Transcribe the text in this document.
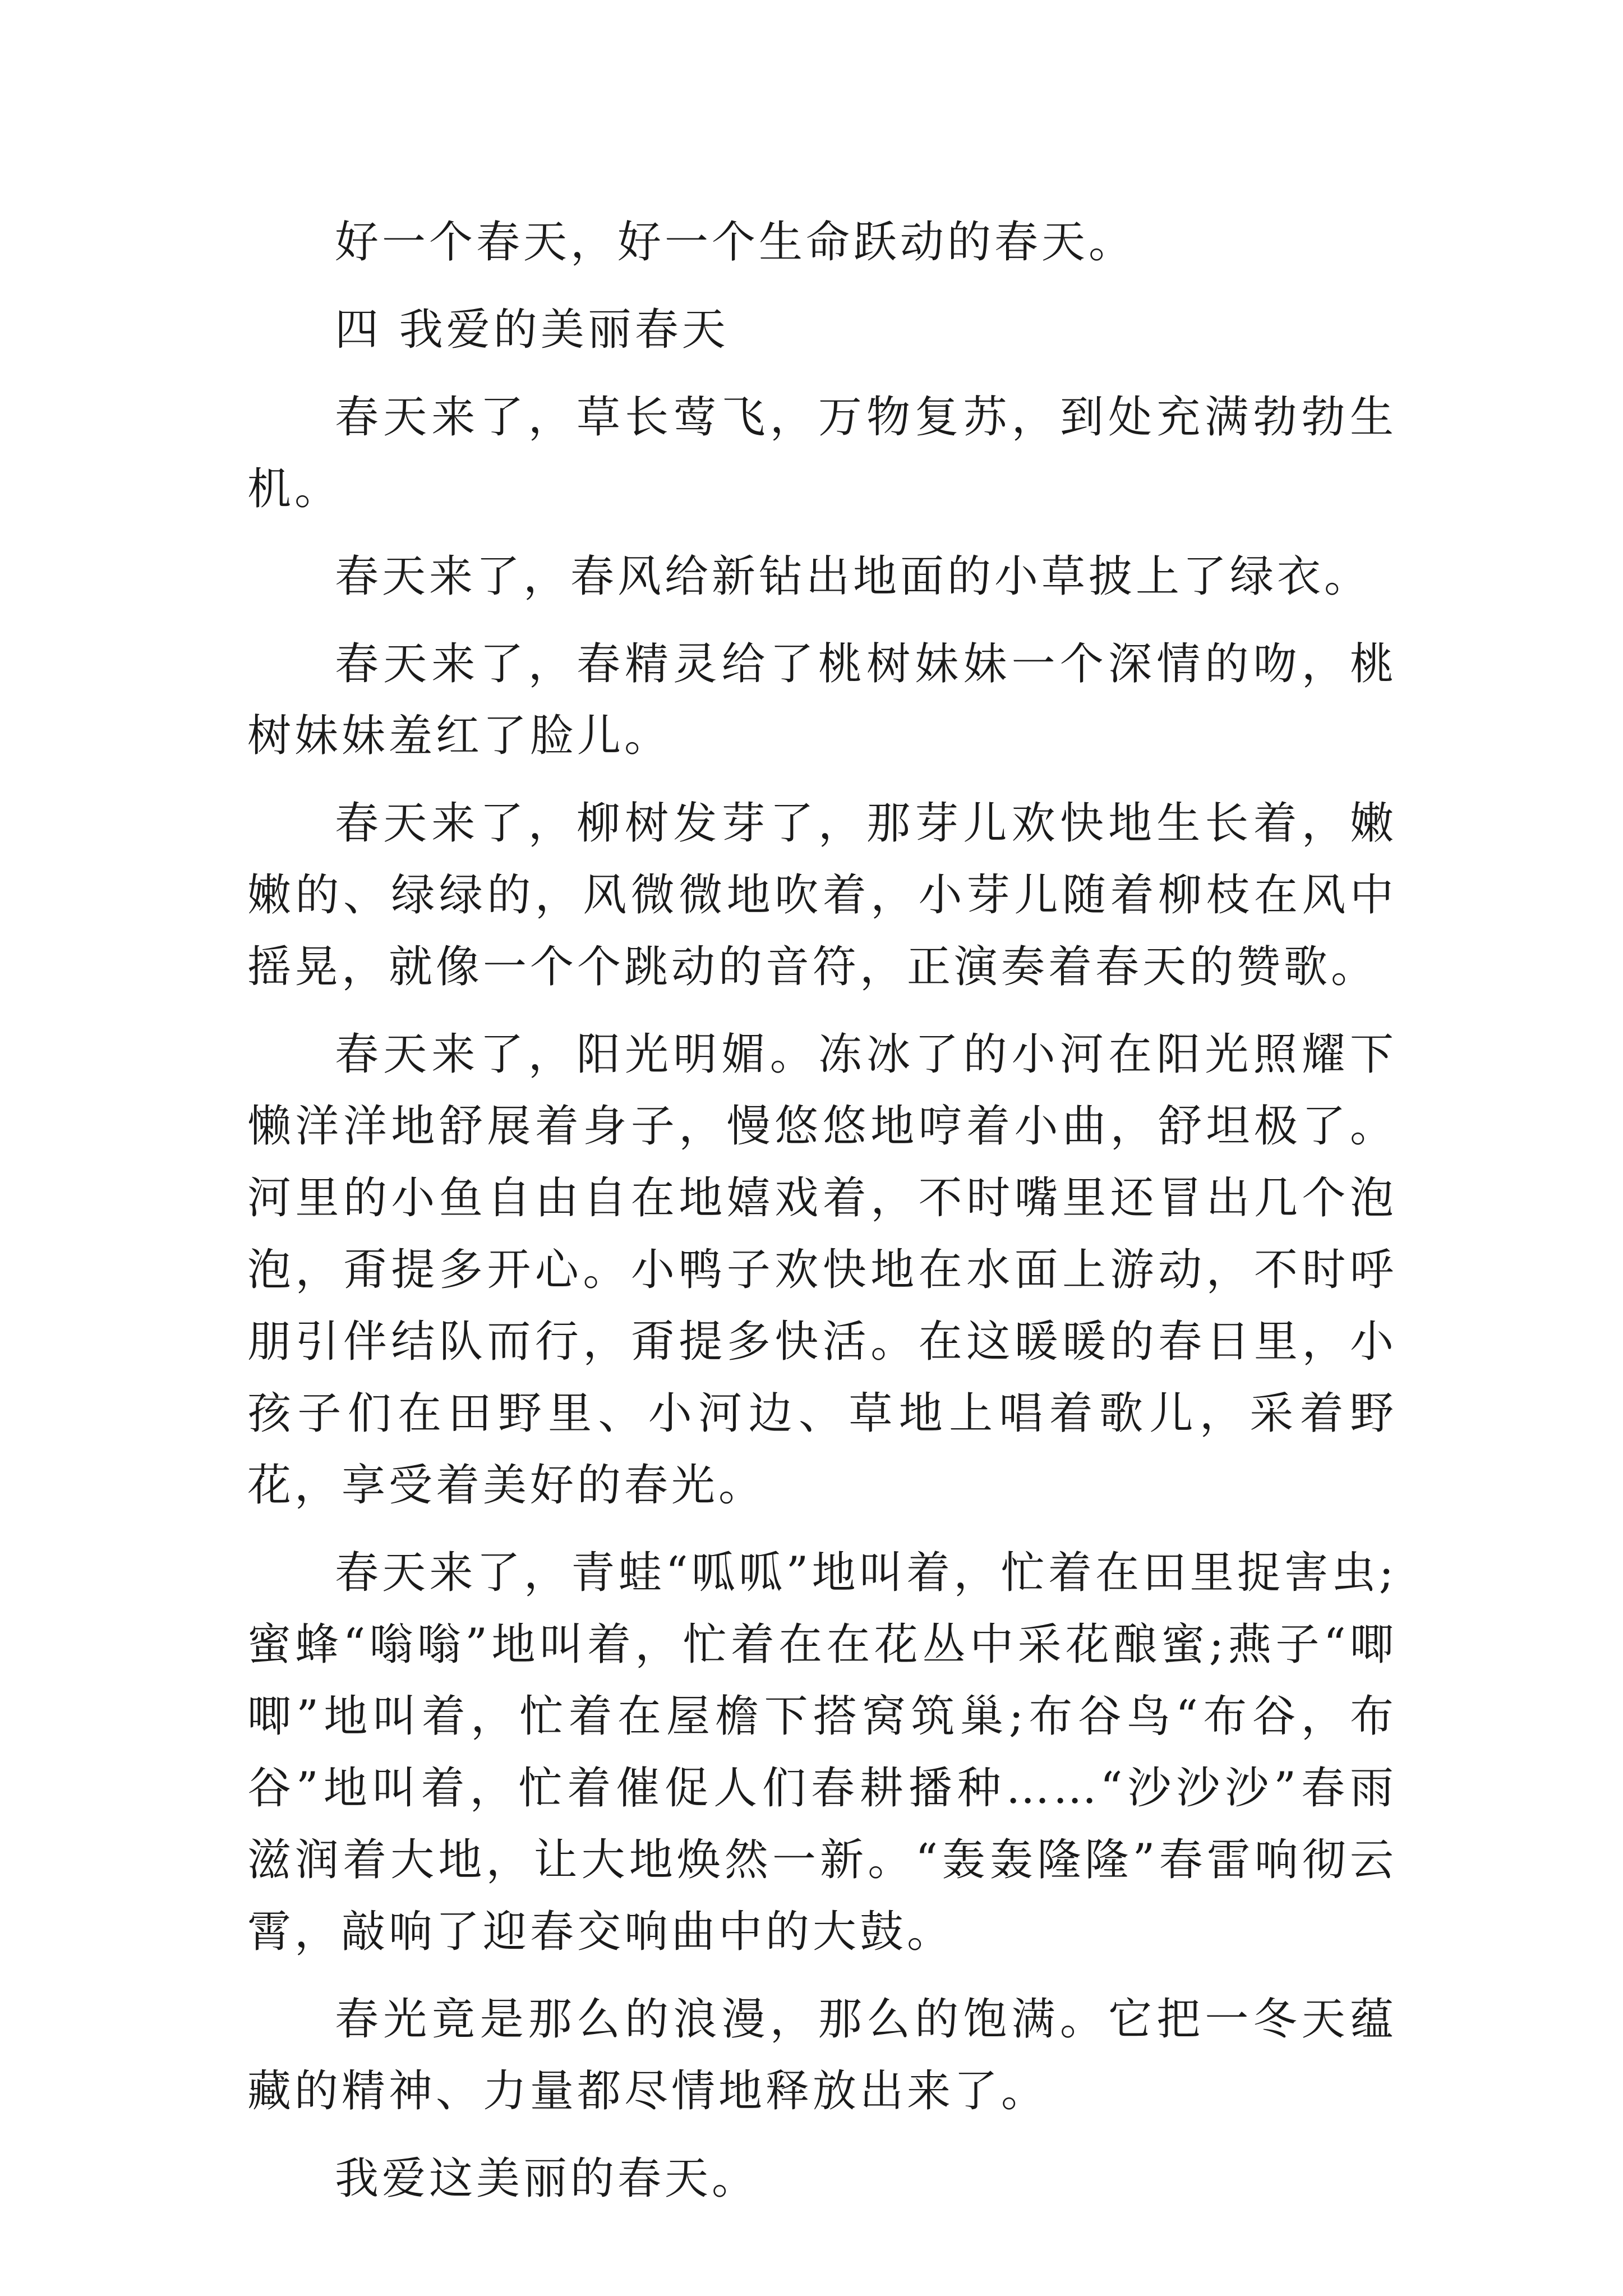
好一个春天，好一个生命跃动的春天。

四 我爱的美丽春天

春天来了，草长莺飞，万物复苏，到处充满勃勃生机。

春天来了，春风给新钻出地面的小草披上了绿衣。

春天来了，春精灵给了桃树妹妹一个深情的吻，桃树妹妹羞红了脸儿。

春天来了，柳树发芽了，那芽儿欢快地生长着，嫩嫩的、绿绿的，风微微地吹着，小芽儿随着柳枝在风中摇晃，就像一个个跳动的音符，正演奏着春天的赞歌。

春天来了，阳光明媚。冻冰了的小河在阳光照耀下懒洋洋地舒展着身子，慢悠悠地哼着小曲，舒坦极了。河里的小鱼自由自在地嬉戏着，不时嘴里还冒出几个泡泡，甭提多开心。小鸭子欢快地在水面上游动，不时呼朋引伴结队而行，甭提多快活。在这暖暖的春日里，小孩子们在田野里、小河边、草地上唱着歌儿，采着野花，享受着美好的春光。

春天来了，青蛙“呱呱”地叫着，忙着在田里捉害虫;蜜蜂“嗡嗡”地叫着，忙着在在花丛中采花酿蜜;燕子“唧唧”地叫着，忙着在屋檐下搭窝筑巢;布谷鸟“布谷，布谷”地叫着，忙着催促人们春耕播种……“沙沙沙”春雨滋润着大地，让大地焕然一新。“轰轰隆隆”春雷响彻云霄，敲响了迎春交响曲中的大鼓。

春光竟是那么的浪漫，那么的饱满。它把一冬天蕴藏的精神、力量都尽情地释放出来了。

我爱这美丽的春天。
